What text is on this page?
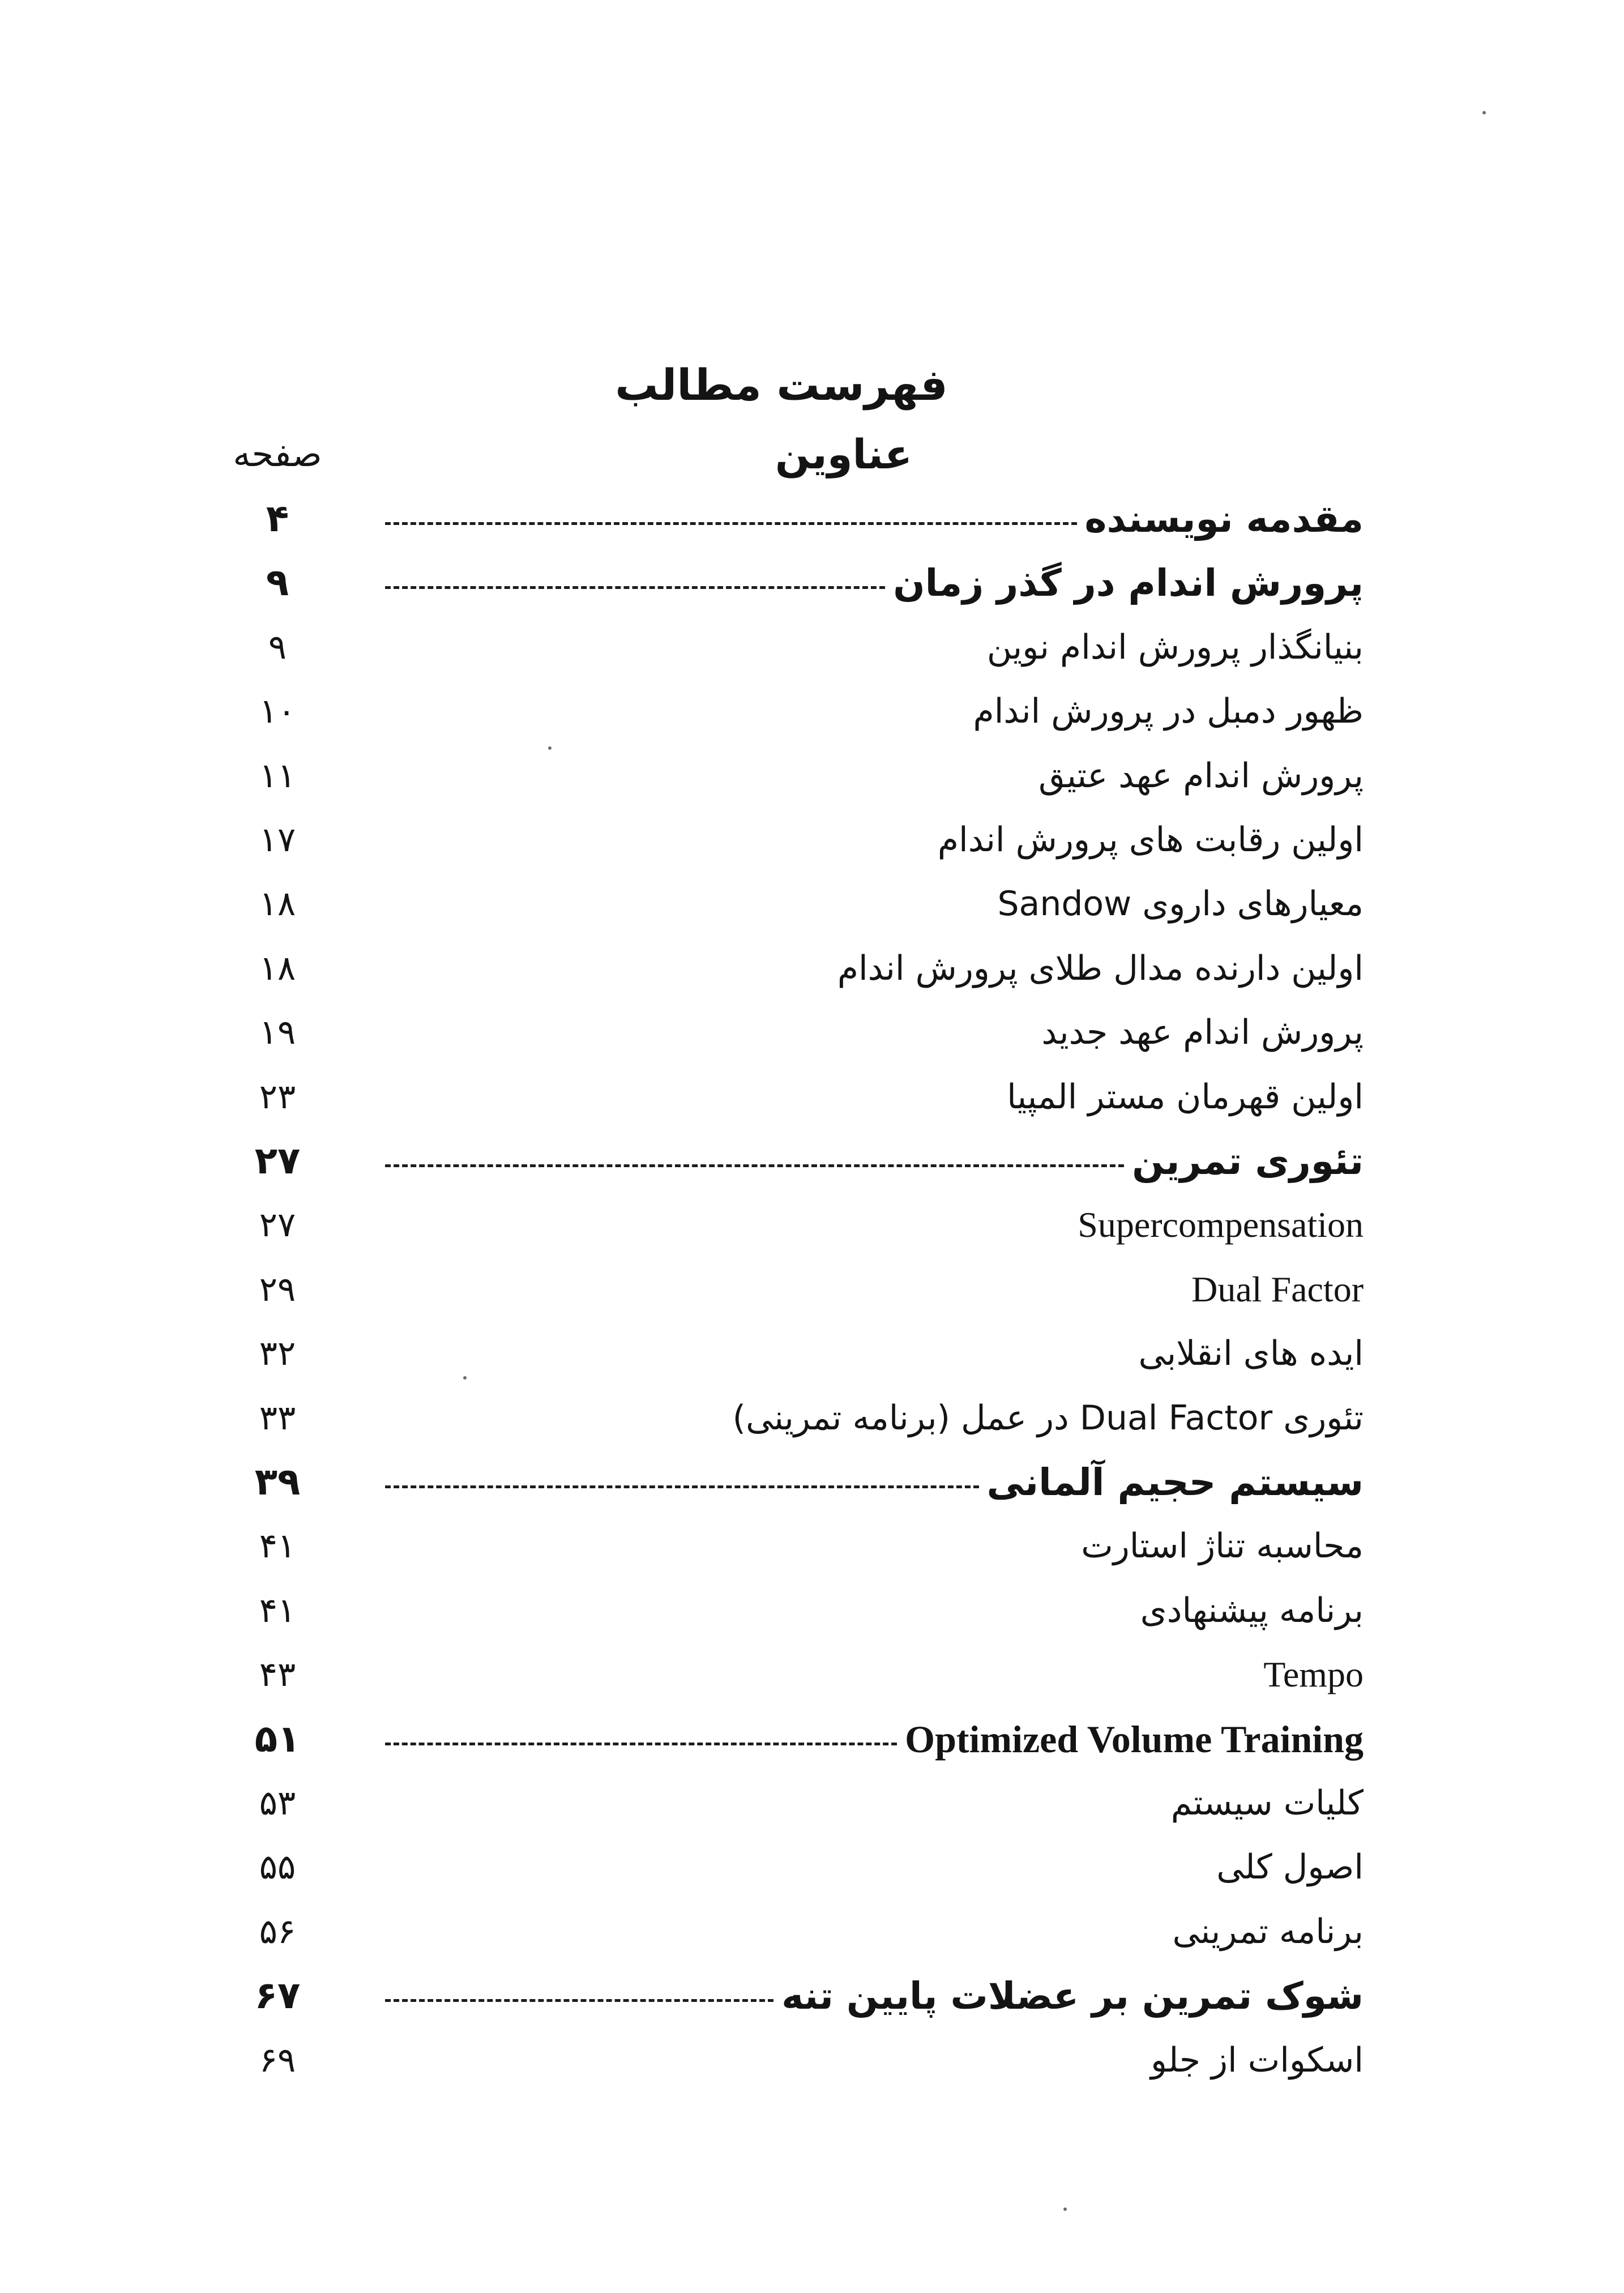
فهرست مطالب
عناوین
صفحه
مقدمه نویسنده
۴
پرورش اندام در گذر زمان
۹
بنیانگذار پرورش اندام نوین
۹
ظهور دمبل در پرورش اندام
۱۰
پرورش اندام عهد عتیق
۱۱
اولین رقابت های پرورش اندام
۱۷
معیارهای داروی Sandow
۱۸
اولین دارنده مدال طلای پرورش اندام
۱۸
پرورش اندام عهد جدید
۱۹
اولین قهرمان مستر المپیا
۲۳
تئوری تمرین
۲۷
Supercompensation
۲۷
Dual Factor
۲۹
ایده های انقلابی
۳۲
تئوری Dual Factor در عمل (برنامه تمرینی)
۳۳
سیستم حجیم آلمانی
۳۹
محاسبه تناژ استارت
۴۱
برنامه پیشنهادی
۴۱
Tempo
۴۳
Optimized Volume Training
۵۱
کلیات سیستم
۵۳
اصول کلی
۵۵
برنامه تمرینی
۵۶
شوک تمرین بر عضلات پایین تنه
۶۷
اسکوات از جلو
۶۹
